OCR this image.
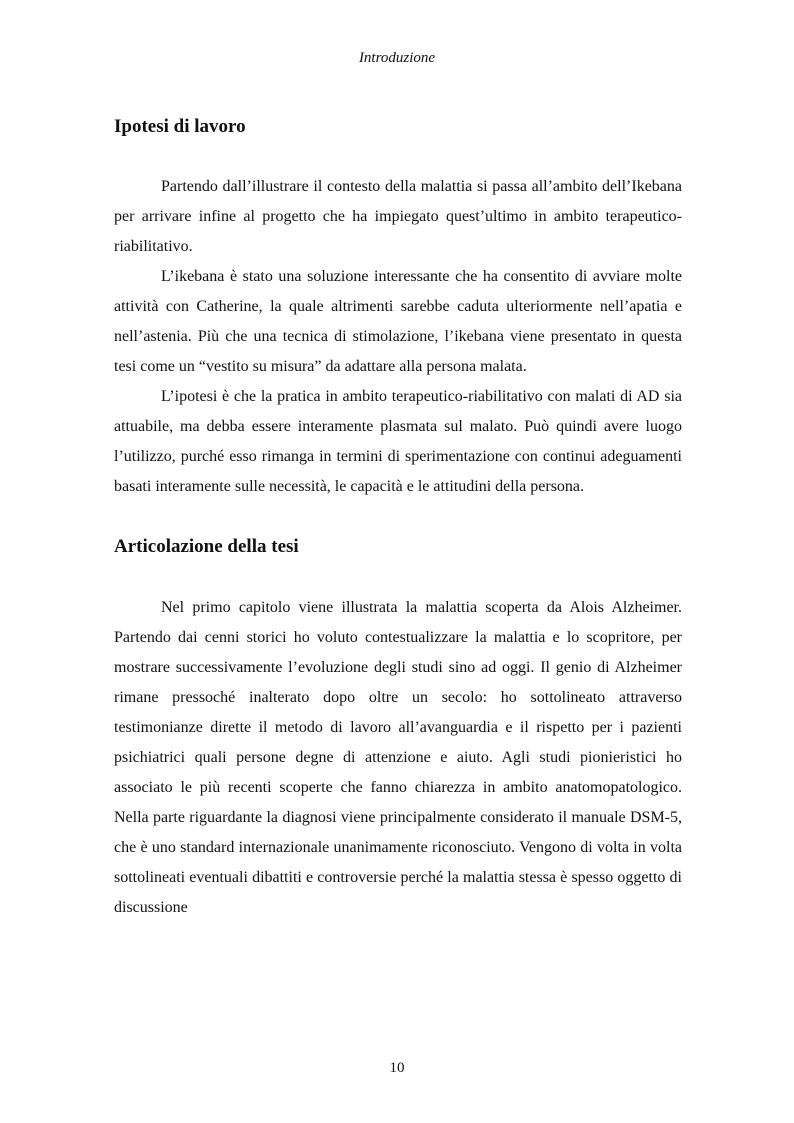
Introduzione
Ipotesi di lavoro

Partendo dall’illustrare il contesto della malattia si passa all’ambito dell’Ikebana per arrivare infine al progetto che ha impiegato quest’ultimo in ambito terapeutico-riabilitativo.

L’ikebana è stato una soluzione interessante che ha consentito di avviare molte attività con Catherine, la quale altrimenti sarebbe caduta ulteriormente nell’apatia e nell’astenia. Più che una tecnica di stimolazione, l’ikebana viene presentato in questa tesi come un “vestito su misura” da adattare alla persona malata.

L’ipotesi è che la pratica in ambito terapeutico-riabilitativo con malati di AD sia attuabile, ma debba essere interamente plasmata sul malato. Può quindi avere luogo l’utilizzo, purché esso rimanga in termini di sperimentazione con continui adeguamenti basati interamente sulle necessità, le capacità e le attitudini della persona.

Articolazione della tesi

Nel primo capitolo viene illustrata la malattia scoperta da Alois Alzheimer. Partendo dai cenni storici ho voluto contestualizzare la malattia e lo scopritore, per mostrare successivamente l’evoluzione degli studi sino ad oggi. Il genio di Alzheimer rimane pressoché inalterato dopo oltre un secolo: ho sottolineato attraverso testimonianze dirette il metodo di lavoro all’avanguardia e il rispetto per i pazienti psichiatrici quali persone degne di attenzione e aiuto. Agli studi pionieristici ho associato le più recenti scoperte che fanno chiarezza in ambito anatomopatologico. Nella parte riguardante la diagnosi viene principalmente considerato il manuale DSM-5, che è uno standard internazionale unanimamente riconosciuto. Vengono di volta in volta sottolineati eventuali dibattiti e controversie perché la malattia stessa è spesso oggetto di discussione

10
